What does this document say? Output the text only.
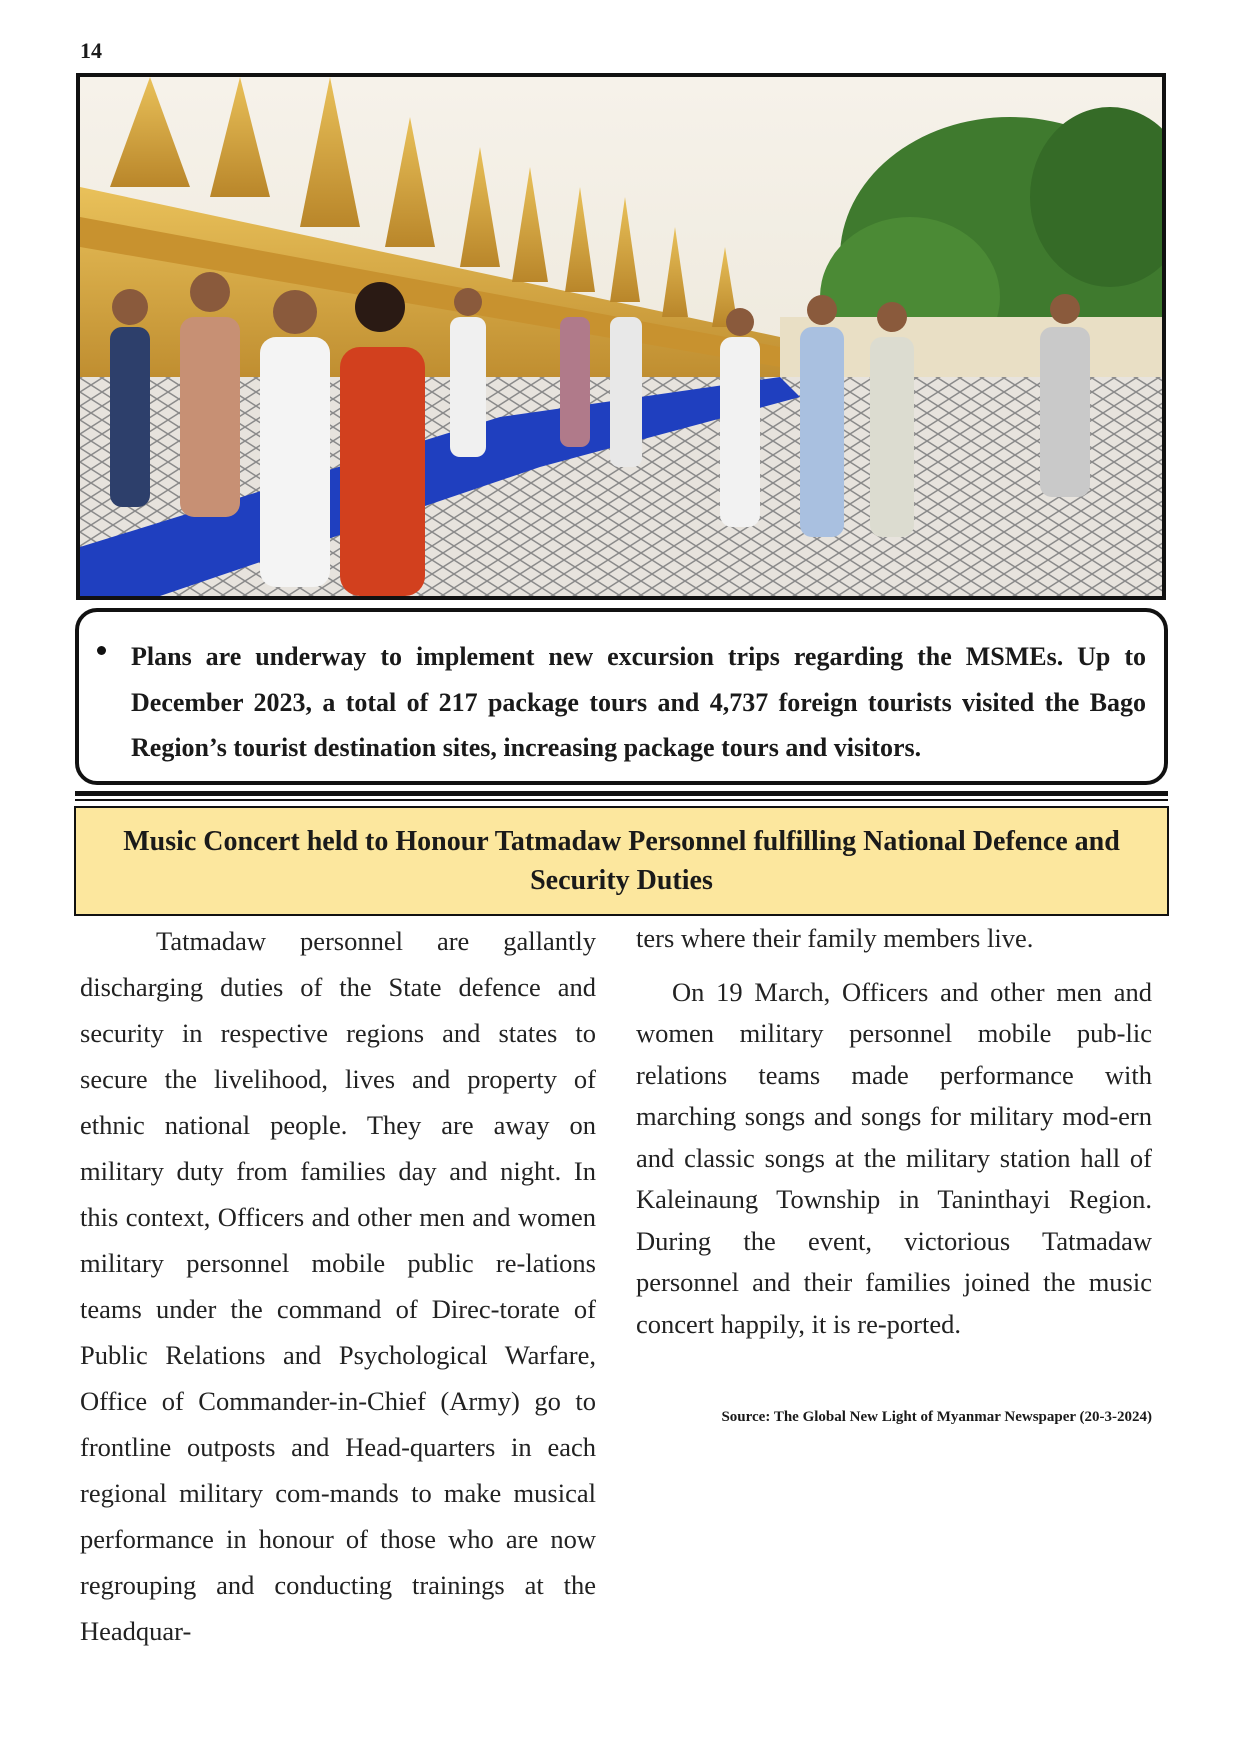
14
Plans are underway to implement new excursion trips regarding the MSMEs. Up to December 2023, a total of 217 package tours and 4,737 foreign tourists visited the Bago Region’s tourist destination sites, increasing package tours and visitors.
Music Concert held to Honour Tatmadaw Personnel fulfilling National Defence and Security Duties

Tatmadaw personnel are gallantly discharging duties of the State defence and security in respective regions and states to secure the livelihood, lives and property of ethnic national people. They are away on military duty from families day and night. In this context, Officers and other men and women military personnel mobile public re-lations teams under the command of Direc-torate of Public Relations and Psychological Warfare, Office of Commander-in-Chief (Army) go to frontline outposts and Head-quarters in each regional military com-mands to make musical performance in honour of those who are now regrouping and conducting trainings at the Headquar-

ters where their family members live.

On 19 March, Officers and other men and women military personnel mobile pub-lic relations teams made performance with marching songs and songs for military mod-ern and classic songs at the military station hall of Kaleinaung Township in Taninthayi Region. During the event, victorious Tatmadaw personnel and their families joined the music concert happily, it is re-ported.

Source: The Global New Light of Myanmar Newspaper (20-3-2024)
